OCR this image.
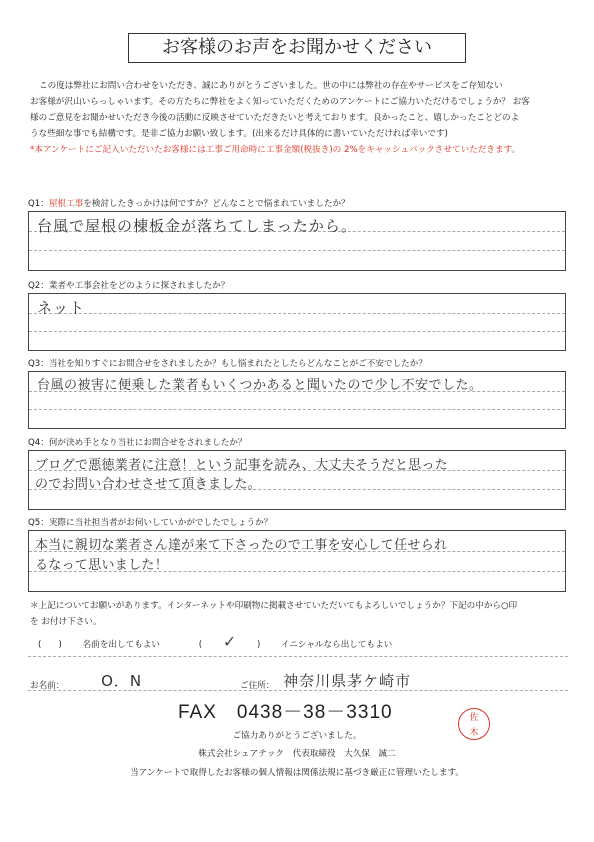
お客様のお声をお聞かせください

この度は弊社にお問い合わせをいただき、誠にありがとうございました。世の中には弊社の存在やサービスをご存知ない

お客様が沢山いらっしゃいます。その方たちに弊社をよく知っていただくためのアンケートにご協力いただけるでしょうか？ お客

様のご意見をお聞かせいただき今後の活動に反映させていただきたいと考えております。良かったこと、嬉しかったことどのよ

うな些細な事でも結構です。是非ご協力お願い致します。(出来るだけ具体的に書いていただければ幸いです)

*本アンケートにご記入いただいたお客様には工事ご用命時に工事金額(税抜き)の 2%をキャッシュバックさせていただきます。

Q1：屋根工事を検討したきっかけは何ですか？どんなことで悩まれていましたか？
台風で屋根の棟板金が落ちてしまったから。
Q2：業者や工事会社をどのように探されましたか？
ネット
Q3：当社を知りすぐにお問合せをされましたか？もし悩まれたとしたらどんなことがご不安でしたか？
台風の被害に便乗した業者もいくつかあると聞いたので少し不安でした。
Q4：何が決め手となり当社にお問合せをされましたか？
ブログで悪徳業者に注意！という記事を読み、大丈夫そうだと思った
のでお問い合わせさせて頂きました。
Q5：実際に当社担当者がお伺いしていかがでしたでしょうか？
本当に親切な業者さん達が来て下さったので工事を安心して任せられ
るなって思いました！
＊上記についてお願いがあります。インターネットや印刷物に掲載させていただいてもよろしいでしょうか？下記の中から○印
を お付け下さい。
(　　) 名前を出してもよい	( ✓ ) イニシャルなら出してもよい
お名前： O．N	ご住所： 神奈川県茅ケ崎市
FAX　0438－38－3310	佐
木
ご協力ありがとうございました。
株式会社シェアテック　代表取締役　大久保　誠二
当アンケートで取得したお客様の個人情報は関係法規に基づき厳正に管理いたします。
